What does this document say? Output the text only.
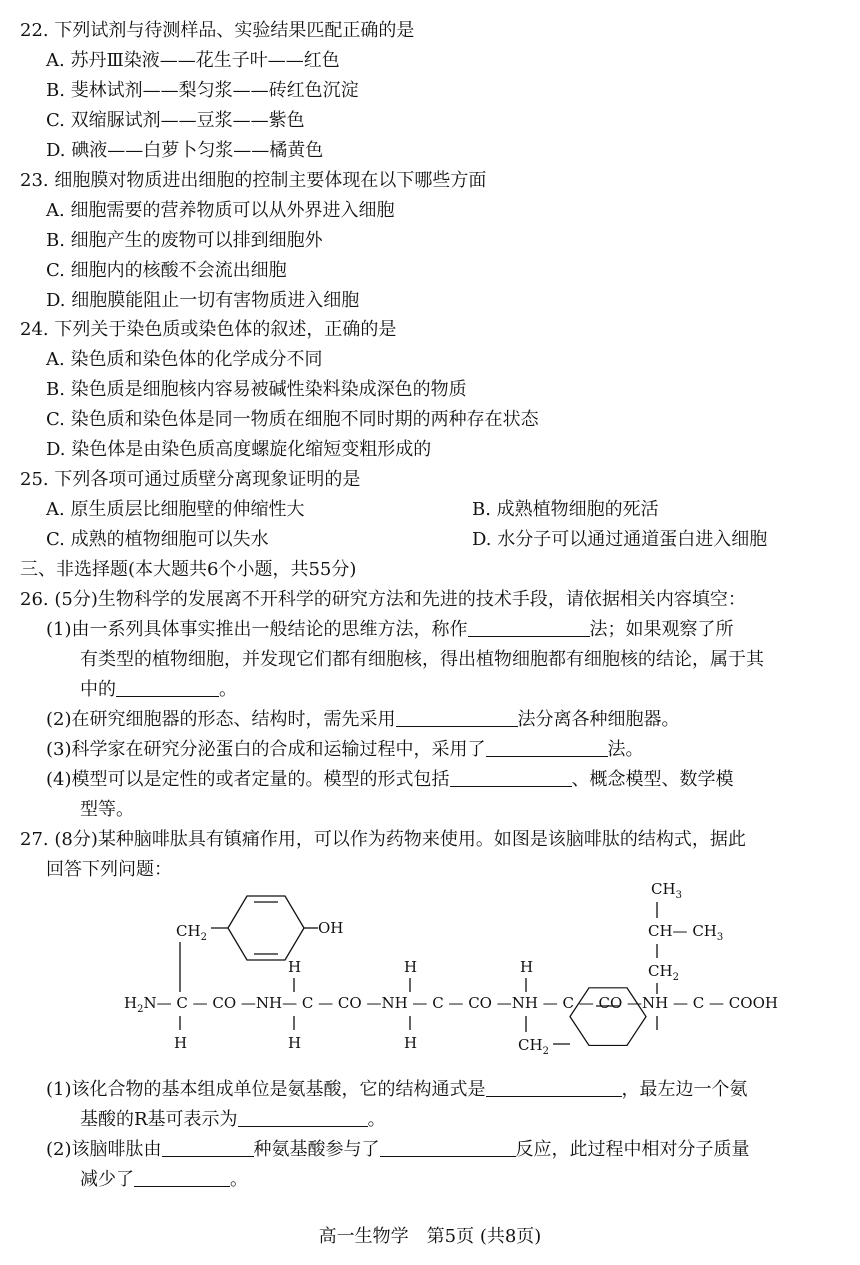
22. 下列试剂与待测样品、实验结果匹配正确的是
A. 苏丹Ⅲ染液——花生子叶——红色
B. 斐林试剂——梨匀浆——砖红色沉淀
C. 双缩脲试剂——豆浆——紫色
D. 碘液——白萝卜匀浆——橘黄色
23. 细胞膜对物质进出细胞的控制主要体现在以下哪些方面
A. 细胞需要的营养物质可以从外界进入细胞
B. 细胞产生的废物可以排到细胞外
C. 细胞内的核酸不会流出细胞
D. 细胞膜能阻止一切有害物质进入细胞
24. 下列关于染色质或染色体的叙述，正确的是
A. 染色质和染色体的化学成分不同
B. 染色质是细胞核内容易被碱性染料染成深色的物质
C. 染色质和染色体是同一物质在细胞不同时期的两种存在状态
D. 染色体是由染色质高度螺旋化缩短变粗形成的
25. 下列各项可通过质壁分离现象证明的是
A. 原生质层比细胞壁的伸缩性大	B. 成熟植物细胞的死活
C. 成熟的植物细胞可以失水	D. 水分子可以通过通道蛋白进入细胞
三、非选择题(本大题共6个小题，共55分)
26. (5分)生物科学的发展离不开科学的研究方法和先进的技术手段，请依据相关内容填空：
(1)由一系列具体事实推出一般结论的思维方法，称作	法；如果观察了所
有类型的植物细胞，并发现它们都有细胞核，得出植物细胞都有细胞核的结论，属于其
中的	。
(2)在研究细胞器的形态、结构时，需先采用	法分离各种细胞器。
(3)科学家在研究分泌蛋白的合成和运输过程中，采用了	法。
(4)模型可以是定性的或者定量的。模型的形式包括	、概念模型、数学模
型等。
27. (8分)某种脑啡肽具有镇痛作用，可以作为药物来使用。如图是该脑啡肽的结构式，据此
回答下列问题：
$CH_3$
CH— $CH_3$
$CH_2$
$CH_2$
OH
H	H	H
$H_2N—$ C — CO —NH— C — CO —NH — C — CO —NH — C — CO —NH — C — COOH
H	H	H	$CH_2$
(1)该化合物的基本组成单位是氨基酸，它的结构通式是	，最左边一个氨
基酸的R基可表示为	。
(2)该脑啡肽由	种氨基酸参与了	反应，此过程中相对分子质量
减少了	。
高一生物学　第5页 (共8页)
